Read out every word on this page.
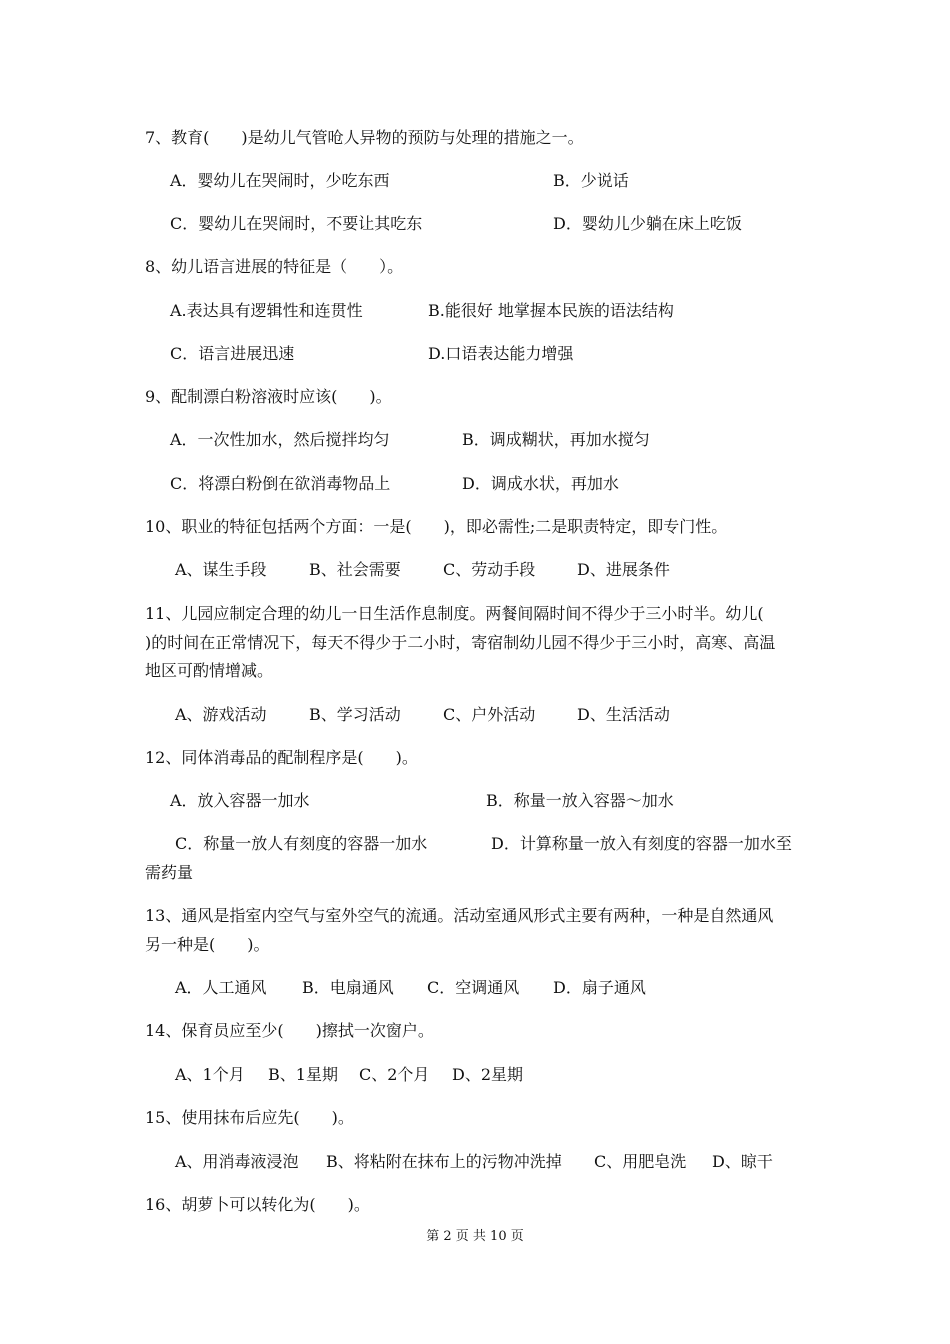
7、教育(　　)是幼儿气管呛人异物的预防与处理的措施之一。
A．婴幼儿在哭闹时，少吃东西	B．少说话
C．婴幼儿在哭闹时，不要让其吃东	D．婴幼儿少躺在床上吃饭
8、幼儿语言进展的特征是（　　）。
A.表达具有逻辑性和连贯性	B.能很好 地掌握本民族的语法结构
C．语言进展迅速	D.口语表达能力增强
9、配制漂白粉溶液时应该(　　)。
A．一次性加水，然后搅拌均匀	B．调成糊状，再加水搅匀
C．将漂白粉倒在欲消毒物品上	D．调成水状，再加水
10、职业的特征包括两个方面：一是(　　)，即必需性;二是职责特定，即专门性。
A、谋生手段	B、社会需要	C、劳动手段	D、进展条件
11、儿园应制定合理的幼儿一日生活作息制度。两餐间隔时间不得少于三小时半。幼儿(
)的时间在正常情况下，每天不得少于二小时，寄宿制幼儿园不得少于三小时，高寒、高温
地区可酌情增减。
A、游戏活动	B、学习活动	C、户外活动	D、生活活动
12、同体消毒品的配制程序是(　　)。
A．放入容器一加水	B．称量一放入容器～加水
C．称量一放人有刻度的容器一加水	D．计算称量一放入有刻度的容器一加水至
需药量
13、通风是指室内空气与室外空气的流通。活动室通风形式主要有两种，一种是自然通风
另一种是(　　)。
A．人工通风 B．电扇通风 C．空调通风 D．扇子通风
14、保育员应至少(　　)擦拭一次窗户。
A、1个月 B、1星期 C、2个月 D、2星期
15、使用抹布后应先(　　)。
A、用消毒液浸泡 B、将粘附在抹布上的污物冲洗掉 C、用肥皂洗 D、晾干
16、胡萝卜可以转化为(　　)。
第 2 页 共 10 页
